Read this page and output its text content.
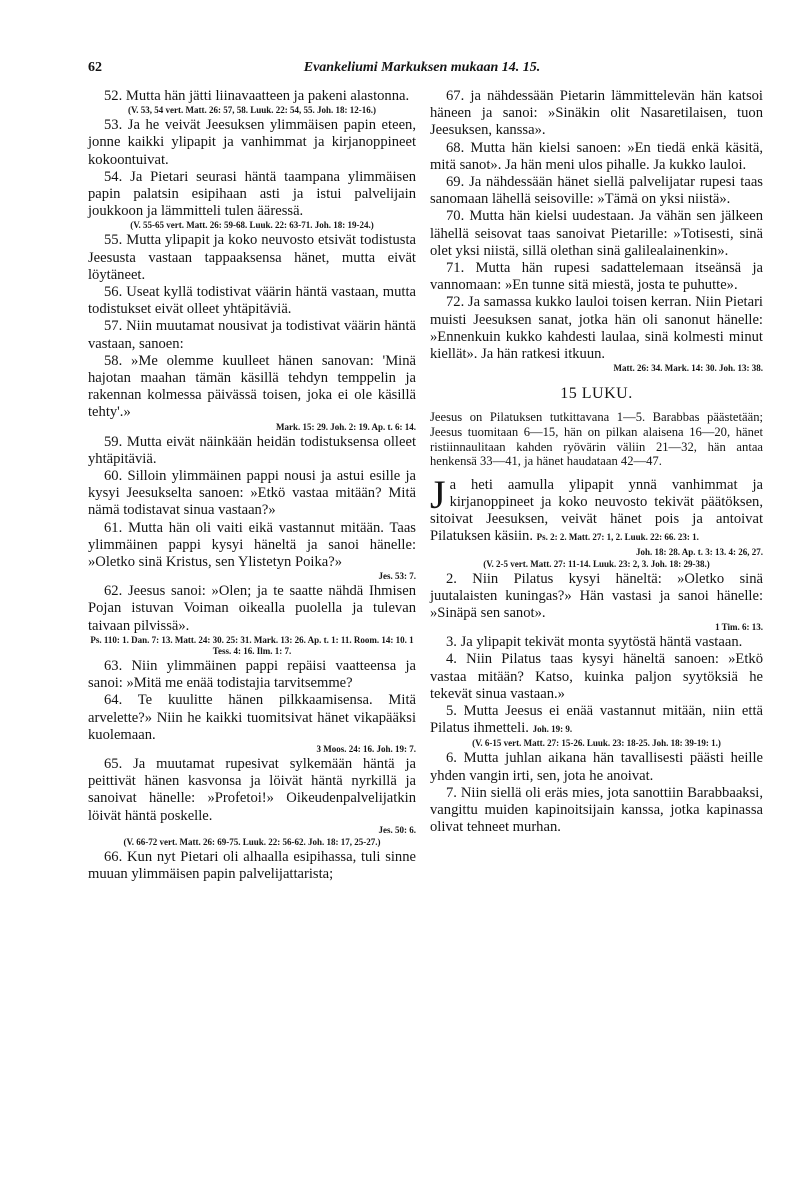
62	Evankeliumi Markuksen mukaan 14. 15.

52. Mutta hän jätti liinavaatteen ja pakeni alastonna.

(V. 53, 54 vert. Matt. 26: 57, 58. Luuk. 22: 54, 55. Joh. 18: 12-16.)

53. Ja he veivät Jeesuksen ylimmäisen papin eteen, jonne kaikki ylipapit ja vanhimmat ja kirjanoppineet kokoontuivat.

54. Ja Pietari seurasi häntä taampana ylimmäisen papin palatsin esipihaan asti ja istui palvelijain joukkoon ja lämmitteli tulen ääressä.

(V. 55-65 vert. Matt. 26: 59-68. Luuk. 22: 63-71. Joh. 18: 19-24.)

55. Mutta ylipapit ja koko neuvosto etsivät todistusta Jeesusta vastaan tappaaksensa hänet, mutta eivät löytäneet.

56. Useat kyllä todistivat väärin häntä vastaan, mutta todistukset eivät olleet yhtäpitäviä.

57. Niin muutamat nousivat ja todistivat väärin häntä vastaan, sanoen:

58. »Me olemme kuulleet hänen sanovan: 'Minä hajotan maahan tämän käsillä tehdyn temppelin ja rakennan kolmessa päivässä toisen, joka ei ole käsillä tehty'.»

Mark. 15: 29. Joh. 2: 19. Ap. t. 6: 14.

59. Mutta eivät näinkään heidän todistuksensa olleet yhtäpitäviä.

60. Silloin ylimmäinen pappi nousi ja astui esille ja kysyi Jeesukselta sanoen: »Etkö vastaa mitään? Mitä nämä todistavat sinua vastaan?»

61. Mutta hän oli vaiti eikä vastannut mitään. Taas ylimmäinen pappi kysyi häneltä ja sanoi hänelle: »Oletko sinä Kristus, sen Ylistetyn Poika?»

Jes. 53: 7.

62. Jeesus sanoi: »Olen; ja te saatte nähdä Ihmisen Pojan istuvan Voiman oikealla puolella ja tulevan taivaan pilvissä».

Ps. 110: 1. Dan. 7: 13. Matt. 24: 30. 25: 31. Mark. 13: 26. Ap. t. 1: 11. Room. 14: 10. 1 Tess. 4: 16. Ilm. 1: 7.

63. Niin ylimmäinen pappi repäisi vaatteensa ja sanoi: »Mitä me enää todistajia tarvitsemme?

64. Te kuulitte hänen pilkkaamisensa. Mitä arvelette?» Niin he kaikki tuomitsivat hänet vikapääksi kuolemaan.

3 Moos. 24: 16. Joh. 19: 7.

65. Ja muutamat rupesivat sylkemään häntä ja peittivät hänen kasvonsa ja löivät häntä nyrkillä ja sanoivat hänelle: »Profetoi!» Oikeudenpalvelijatkin löivät häntä poskelle.

Jes. 50: 6.

(V. 66-72 vert. Matt. 26: 69-75. Luuk. 22: 56-62. Joh. 18: 17, 25-27.)

66. Kun nyt Pietari oli alhaalla esipihassa, tuli sinne muuan ylimmäisen papin palvelijattarista;

67. ja nähdessään Pietarin lämmittelevän hän katsoi häneen ja sanoi: »Sinäkin olit Nasaretilaisen, tuon Jeesuksen, kanssa».

68. Mutta hän kielsi sanoen: »En tiedä enkä käsitä, mitä sanot». Ja hän meni ulos pihalle. Ja kukko lauloi.

69. Ja nähdessään hänet siellä palvelijatar rupesi taas sanomaan lähellä seisoville: »Tämä on yksi niistä».

70. Mutta hän kielsi uudestaan. Ja vähän sen jälkeen lähellä seisovat taas sanoivat Pietarille: »Totisesti, sinä olet yksi niistä, sillä olethan sinä galilealainenkin».

71. Mutta hän rupesi sadattelemaan itseänsä ja vannomaan: »En tunne sitä miestä, josta te puhutte».

72. Ja samassa kukko lauloi toisen kerran. Niin Pietari muisti Jeesuksen sanat, jotka hän oli sanonut hänelle: »Ennenkuin kukko kahdesti laulaa, sinä kolmesti minut kiellät». Ja hän ratkesi itkuun.

Matt. 26: 34. Mark. 14: 30. Joh. 13: 38.

15 LUKU.

Jeesus on Pilatuksen tutkittavana 1—5. Barabbas päästetään; Jeesus tuomitaan 6—15, hän on pilkan alaisena 16—20, hänet ristiinnaulitaan kahden ryövärin väliin 21—32, hän antaa henkensä 33—41, ja hänet haudataan 42—47.

Ja heti aamulla ylipapit ynnä vanhimmat ja kirjanoppineet ja koko neuvosto tekivät päätöksen, sitoivat Jeesuksen, veivät hänet pois ja antoivat Pilatuksen käsiin. Ps. 2: 2. Matt. 27: 1, 2. Luuk. 22: 66. 23: 1.

Joh. 18: 28. Ap. t. 3: 13. 4: 26, 27.

(V. 2-5 vert. Matt. 27: 11-14. Luuk. 23: 2, 3. Joh. 18: 29-38.)

2. Niin Pilatus kysyi häneltä: »Oletko sinä juutalaisten kuningas?» Hän vastasi ja sanoi hänelle: »Sinäpä sen sanot».

1 Tim. 6: 13.

3. Ja ylipapit tekivät monta syytöstä häntä vastaan.

4. Niin Pilatus taas kysyi häneltä sanoen: »Etkö vastaa mitään? Katso, kuinka paljon syytöksiä he tekevät sinua vastaan.»

5. Mutta Jeesus ei enää vastannut mitään, niin että Pilatus ihmetteli. Joh. 19: 9.

(V. 6-15 vert. Matt. 27: 15-26. Luuk. 23: 18-25. Joh. 18: 39-19: 1.)

6. Mutta juhlan aikana hän tavallisesti päästi heille yhden vangin irti, sen, jota he anoivat.

7. Niin siellä oli eräs mies, jota sanottiin Barabbaaksi, vangittu muiden kapinoitsijain kanssa, jotka kapinassa olivat tehneet murhan.
